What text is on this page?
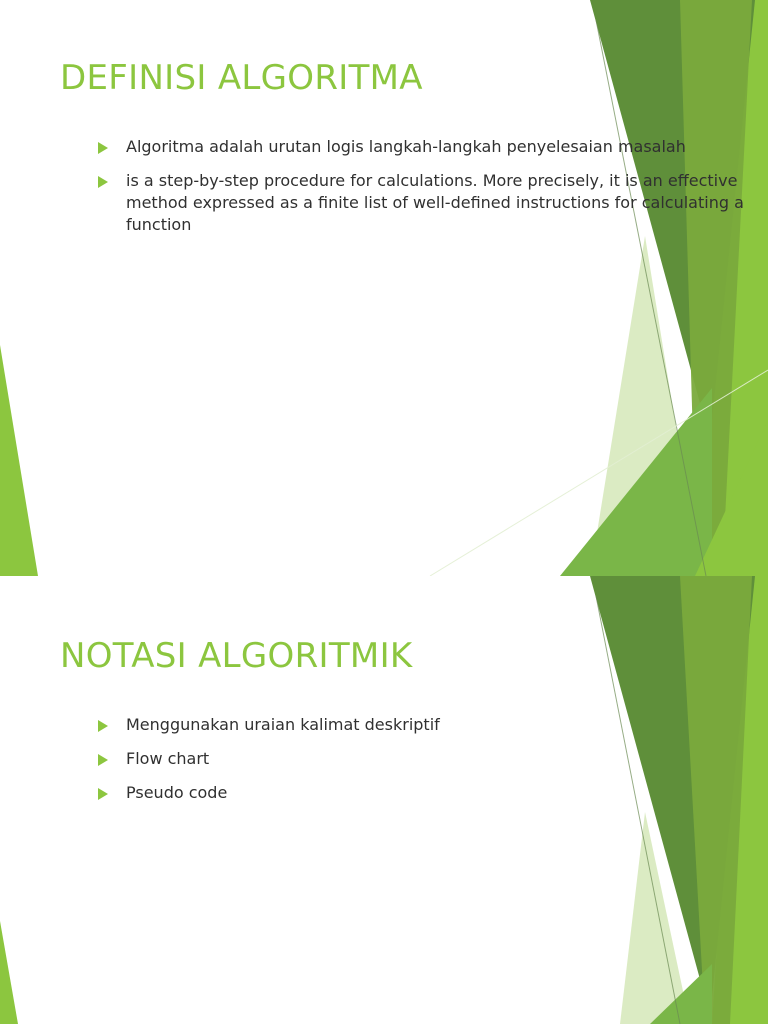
DEFINISI ALGORITMA
Algoritma adalah urutan logis langkah-langkah penyelesaian masalah
is a step-by-step procedure for calculations. More precisely, it is an effective method expressed as a finite list of well-defined instructions for calculating a function
NOTASI ALGORITMIK
Menggunakan uraian kalimat deskriptif
Flow chart
Pseudo code
